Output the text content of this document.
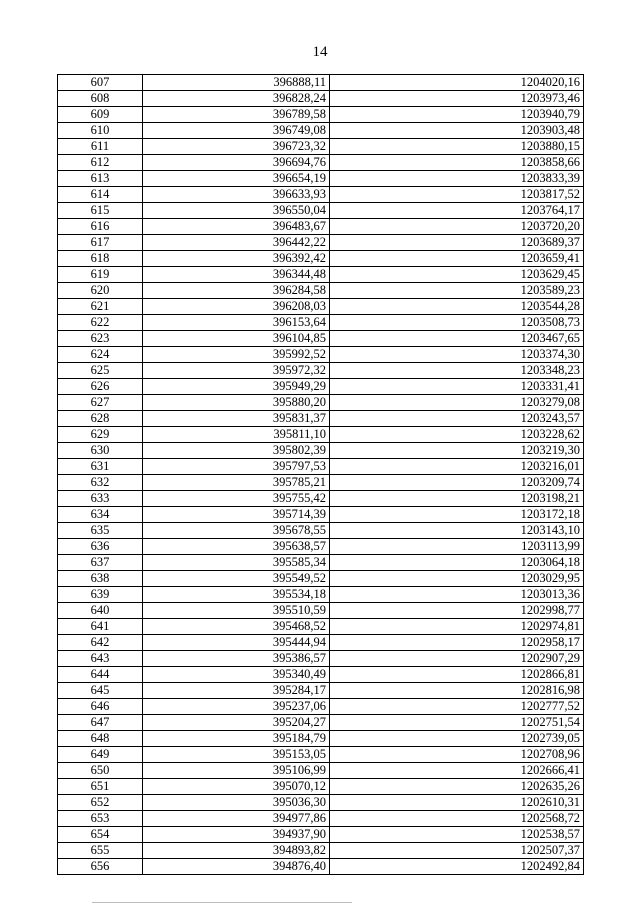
14
607	396888,11	1204020,16
608	396828,24	1203973,46
609	396789,58	1203940,79
610	396749,08	1203903,48
611	396723,32	1203880,15
612	396694,76	1203858,66
613	396654,19	1203833,39
614	396633,93	1203817,52
615	396550,04	1203764,17
616	396483,67	1203720,20
617	396442,22	1203689,37
618	396392,42	1203659,41
619	396344,48	1203629,45
620	396284,58	1203589,23
621	396208,03	1203544,28
622	396153,64	1203508,73
623	396104,85	1203467,65
624	395992,52	1203374,30
625	395972,32	1203348,23
626	395949,29	1203331,41
627	395880,20	1203279,08
628	395831,37	1203243,57
629	395811,10	1203228,62
630	395802,39	1203219,30
631	395797,53	1203216,01
632	395785,21	1203209,74
633	395755,42	1203198,21
634	395714,39	1203172,18
635	395678,55	1203143,10
636	395638,57	1203113,99
637	395585,34	1203064,18
638	395549,52	1203029,95
639	395534,18	1203013,36
640	395510,59	1202998,77
641	395468,52	1202974,81
642	395444,94	1202958,17
643	395386,57	1202907,29
644	395340,49	1202866,81
645	395284,17	1202816,98
646	395237,06	1202777,52
647	395204,27	1202751,54
648	395184,79	1202739,05
649	395153,05	1202708,96
650	395106,99	1202666,41
651	395070,12	1202635,26
652	395036,30	1202610,31
653	394977,86	1202568,72
654	394937,90	1202538,57
655	394893,82	1202507,37
656	394876,40	1202492,84
